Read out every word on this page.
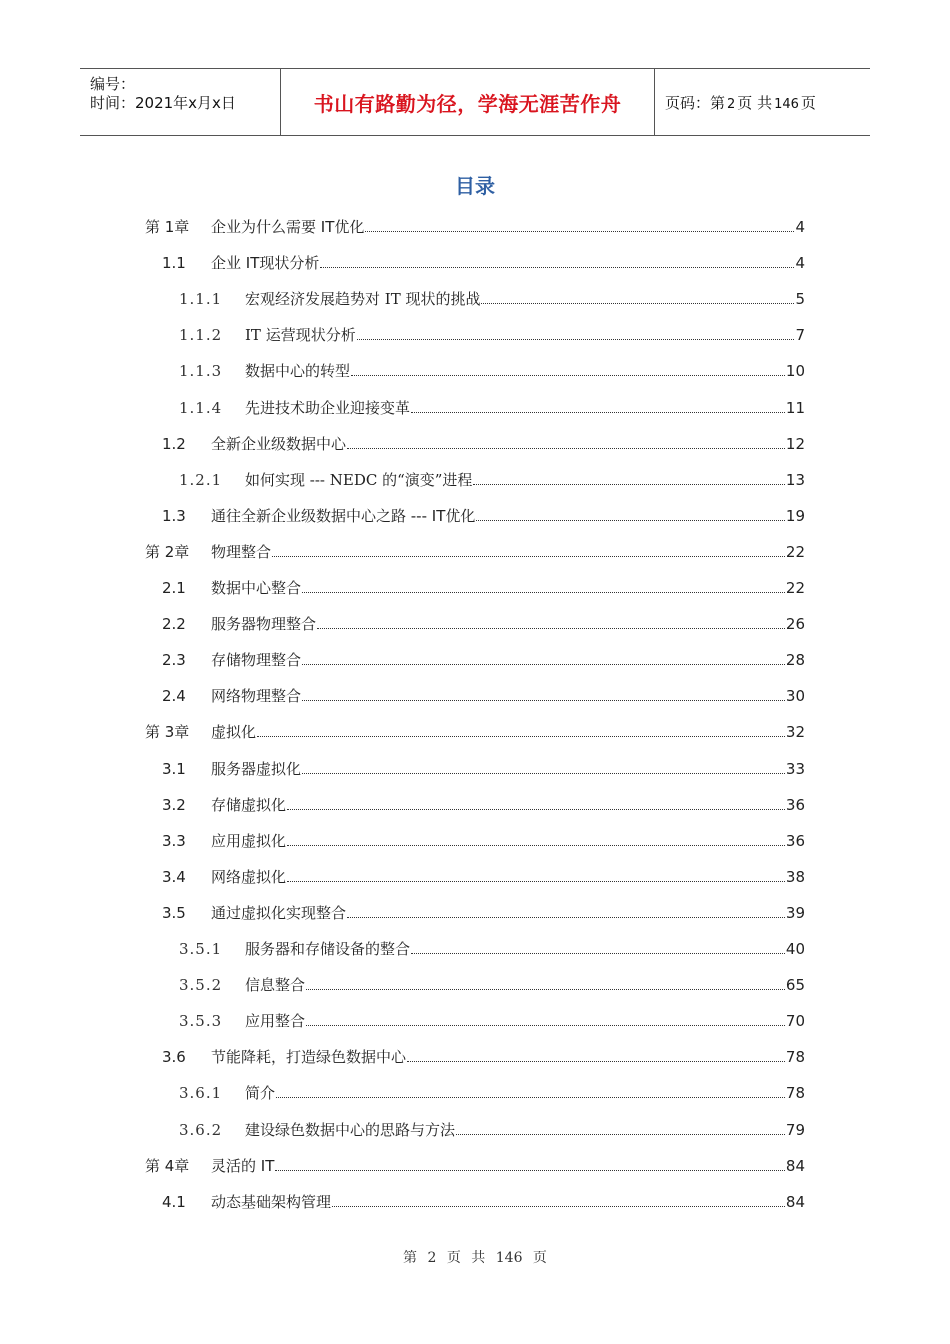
编号：
时间：2021年x月x日	书山有路勤为径，学海无涯苦作舟	页码：第 2 页 共 146 页
目录
第 1章	企业为什么需要 IT优化	4
1.1	企业 IT现状分析	4
1.1.1	宏观经济发展趋势对 IT 现状的挑战	5
1.1.2	IT 运营现状分析	7
1.1.3	数据中心的转型	10
1.1.4	先进技术助企业迎接变革	11
1.2	全新企业级数据中心	12
1.2.1	如何实现 --- NEDC 的“演变”进程	13
1.3	通往全新企业级数据中心之路 --- IT优化	19
第 2章	物理整合	22
2.1	数据中心整合	22
2.2	服务器物理整合	26
2.3	存储物理整合	28
2.4	网络物理整合	30
第 3章	虚拟化	32
3.1	服务器虚拟化	33
3.2	存储虚拟化	36
3.3	应用虚拟化	36
3.4	网络虚拟化	38
3.5	通过虚拟化实现整合	39
3.5.1	服务器和存储设备的整合	40
3.5.2	信息整合	65
3.5.3	应用整合	70
3.6	节能降耗，打造绿色数据中心	78
3.6.1	简介	78
3.6.2	建设绿色数据中心的思路与方法	79
第 4章	灵活的 IT	84
4.1	动态基础架构管理	84
第 2 页 共 146 页
